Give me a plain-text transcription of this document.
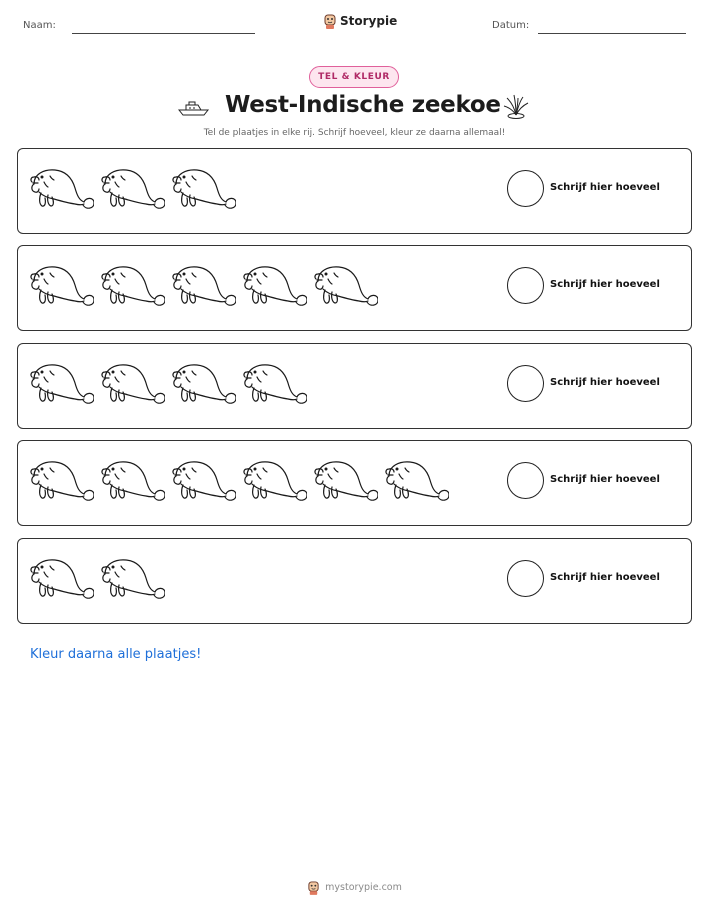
Naam:	Storypie	Datum:
TEL & KLEUR
West-Indische zeekoe
Tel de plaatjes in elke rij. Schrijf hoeveel, kleur ze daarna allemaal!
Schrijf hier hoeveel
Schrijf hier hoeveel
Schrijf hier hoeveel
Schrijf hier hoeveel
Schrijf hier hoeveel
Kleur daarna alle plaatjes!
mystorypie.com
